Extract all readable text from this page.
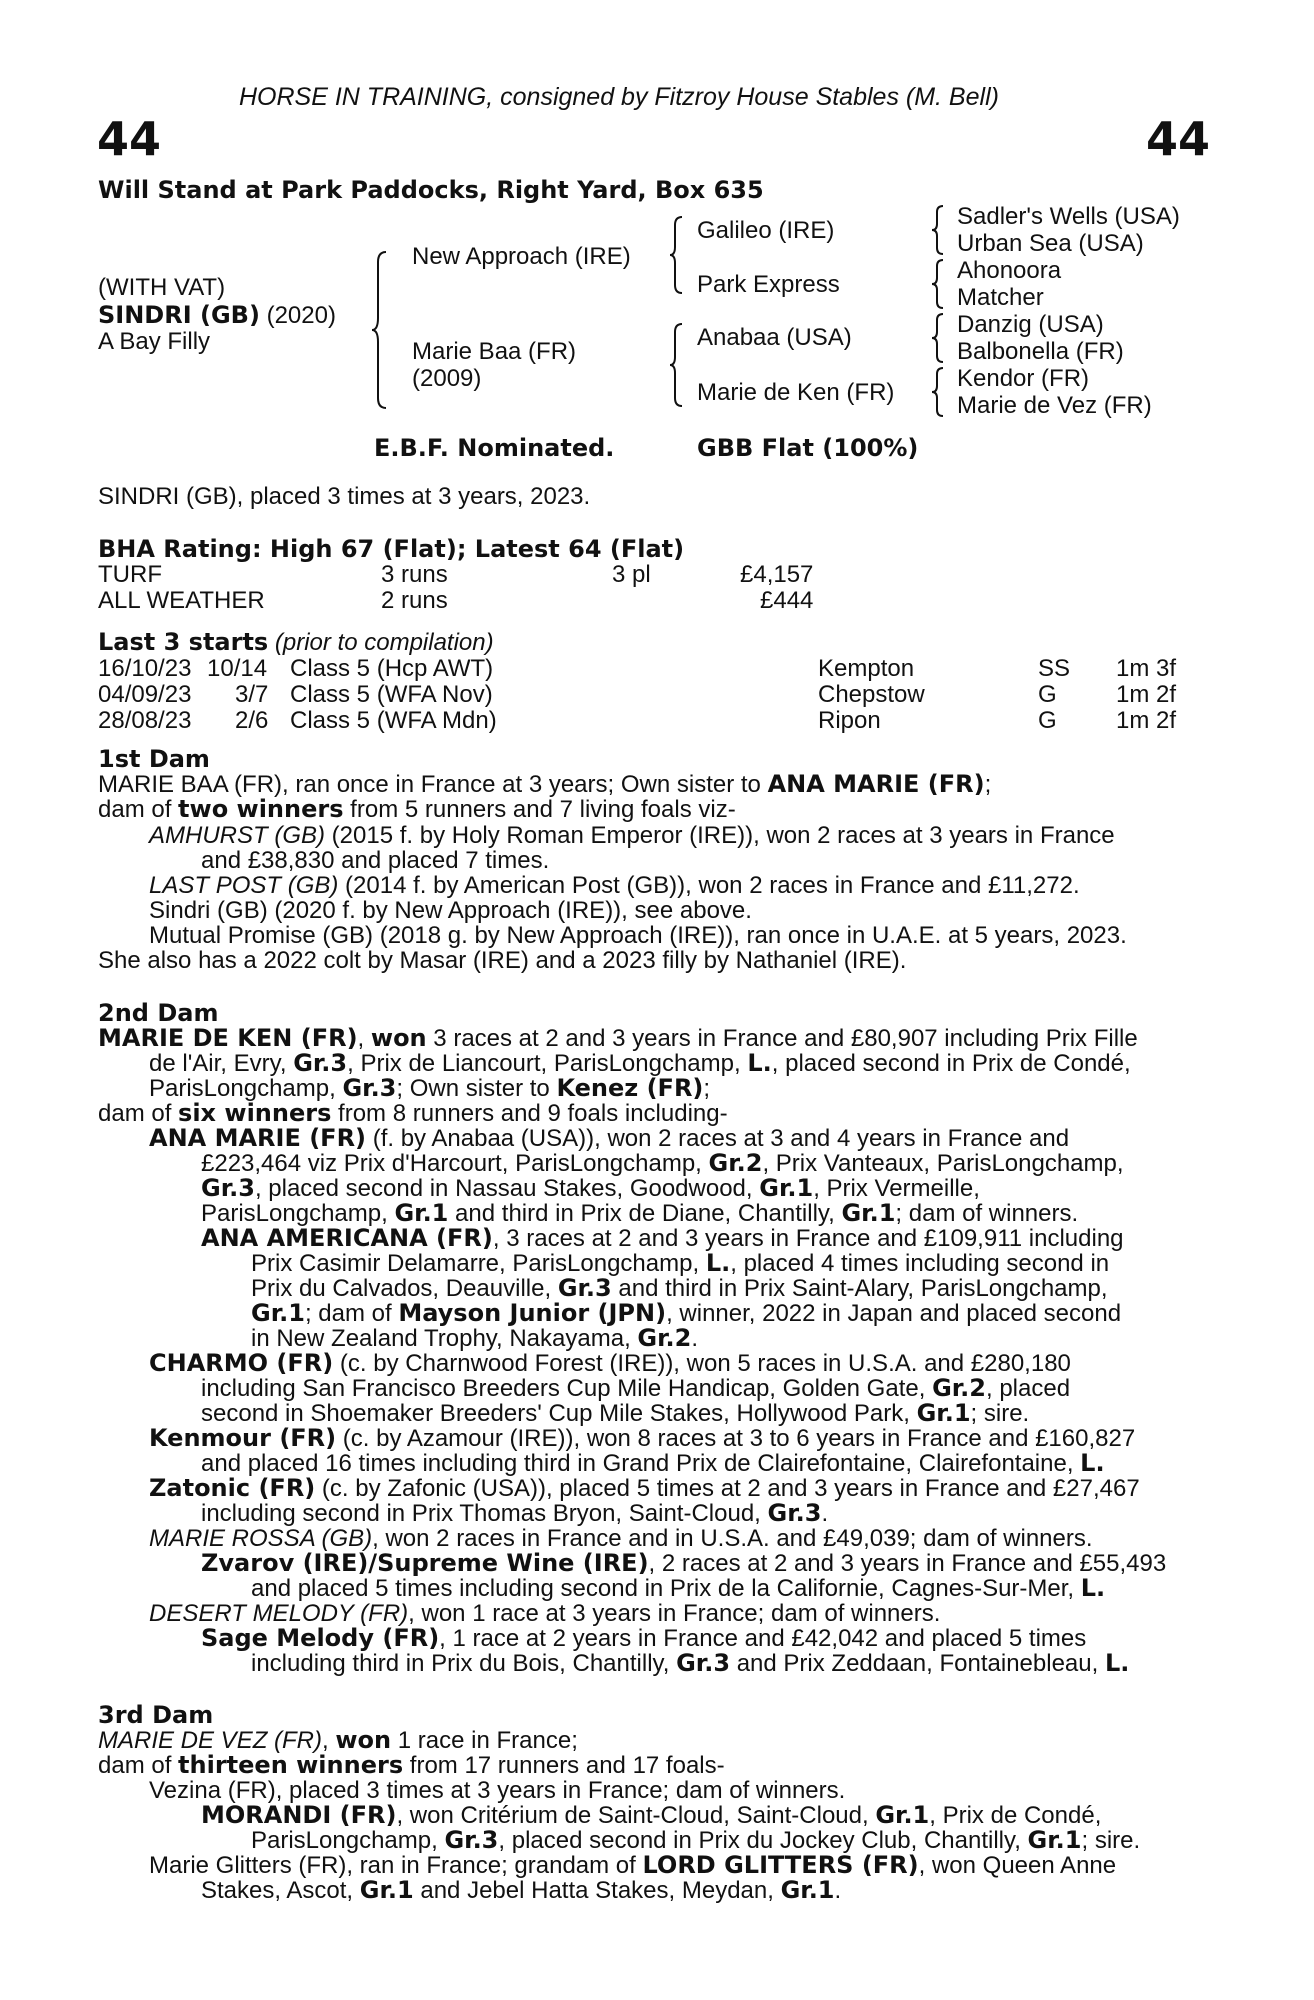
HORSE IN TRAINING, consigned by Fitzroy House Stables (M. Bell)
44	44
Will Stand at Park Paddocks, Right Yard, Box 635
(WITH VAT)
SINDRI (GB) (2020)
A Bay Filly
New Approach (IRE)
Marie Baa (FR)
(2009)
Galileo (IRE)
Park Express
Anabaa (USA)
Marie de Ken (FR)
Sadler's Wells (USA)
Urban Sea (USA)
Ahonoora
Matcher
Danzig (USA)
Balbonella (FR)
Kendor (FR)
Marie de Vez (FR)
E.B.F. Nominated.	GBB Flat (100%)
SINDRI (GB), placed 3 times at 3 years, 2023.
BHA Rating: High 67 (Flat); Latest 64 (Flat)
TURF	3 runs	3 pl	£4,157
ALL WEATHER	2 runs	£444
Last 3 starts (prior to compilation)
16/10/23 10/14 Class 5 (Hcp AWT)	Kempton	SS 1m 3f
04/09/23 3/7 Class 5 (WFA Nov)	Chepstow	G 1m 2f
28/08/23 2/6 Class 5 (WFA Mdn)	Ripon	G 1m 2f
1st Dam
MARIE BAA (FR), ran once in France at 3 years; Own sister to ANA MARIE (FR);
dam of two winners from 5 runners and 7 living foals viz-
AMHURST (GB) (2015 f. by Holy Roman Emperor (IRE)), won 2 races at 3 years in France
and £38,830 and placed 7 times.
LAST POST (GB) (2014 f. by American Post (GB)), won 2 races in France and £11,272.
Sindri (GB) (2020 f. by New Approach (IRE)), see above.
Mutual Promise (GB) (2018 g. by New Approach (IRE)), ran once in U.A.E. at 5 years, 2023.
She also has a 2022 colt by Masar (IRE) and a 2023 filly by Nathaniel (IRE).
2nd Dam
MARIE DE KEN (FR), won 3 races at 2 and 3 years in France and £80,907 including Prix Fille
de l'Air, Evry, Gr.3, Prix de Liancourt, ParisLongchamp, L., placed second in Prix de Condé,
ParisLongchamp, Gr.3; Own sister to Kenez (FR);
dam of six winners from 8 runners and 9 foals including-
ANA MARIE (FR) (f. by Anabaa (USA)), won 2 races at 3 and 4 years in France and
£223,464 viz Prix d'Harcourt, ParisLongchamp, Gr.2, Prix Vanteaux, ParisLongchamp,
Gr.3, placed second in Nassau Stakes, Goodwood, Gr.1, Prix Vermeille,
ParisLongchamp, Gr.1 and third in Prix de Diane, Chantilly, Gr.1; dam of winners.
ANA AMERICANA (FR), 3 races at 2 and 3 years in France and £109,911 including
Prix Casimir Delamarre, ParisLongchamp, L., placed 4 times including second in
Prix du Calvados, Deauville, Gr.3 and third in Prix Saint-Alary, ParisLongchamp,
Gr.1; dam of Mayson Junior (JPN), winner, 2022 in Japan and placed second
in New Zealand Trophy, Nakayama, Gr.2.
CHARMO (FR) (c. by Charnwood Forest (IRE)), won 5 races in U.S.A. and £280,180
including San Francisco Breeders Cup Mile Handicap, Golden Gate, Gr.2, placed
second in Shoemaker Breeders' Cup Mile Stakes, Hollywood Park, Gr.1; sire.
Kenmour (FR) (c. by Azamour (IRE)), won 8 races at 3 to 6 years in France and £160,827
and placed 16 times including third in Grand Prix de Clairefontaine, Clairefontaine, L.
Zatonic (FR) (c. by Zafonic (USA)), placed 5 times at 2 and 3 years in France and £27,467
including second in Prix Thomas Bryon, Saint-Cloud, Gr.3.
MARIE ROSSA (GB), won 2 races in France and in U.S.A. and £49,039; dam of winners.
Zvarov (IRE)/Supreme Wine (IRE), 2 races at 2 and 3 years in France and £55,493
and placed 5 times including second in Prix de la Californie, Cagnes-Sur-Mer, L.
DESERT MELODY (FR), won 1 race at 3 years in France; dam of winners.
Sage Melody (FR), 1 race at 2 years in France and £42,042 and placed 5 times
including third in Prix du Bois, Chantilly, Gr.3 and Prix Zeddaan, Fontainebleau, L.
3rd Dam
MARIE DE VEZ (FR), won 1 race in France;
dam of thirteen winners from 17 runners and 17 foals-
Vezina (FR), placed 3 times at 3 years in France; dam of winners.
MORANDI (FR), won Critérium de Saint-Cloud, Saint-Cloud, Gr.1, Prix de Condé,
ParisLongchamp, Gr.3, placed second in Prix du Jockey Club, Chantilly, Gr.1; sire.
Marie Glitters (FR), ran in France; grandam of LORD GLITTERS (FR), won Queen Anne
Stakes, Ascot, Gr.1 and Jebel Hatta Stakes, Meydan, Gr.1.
